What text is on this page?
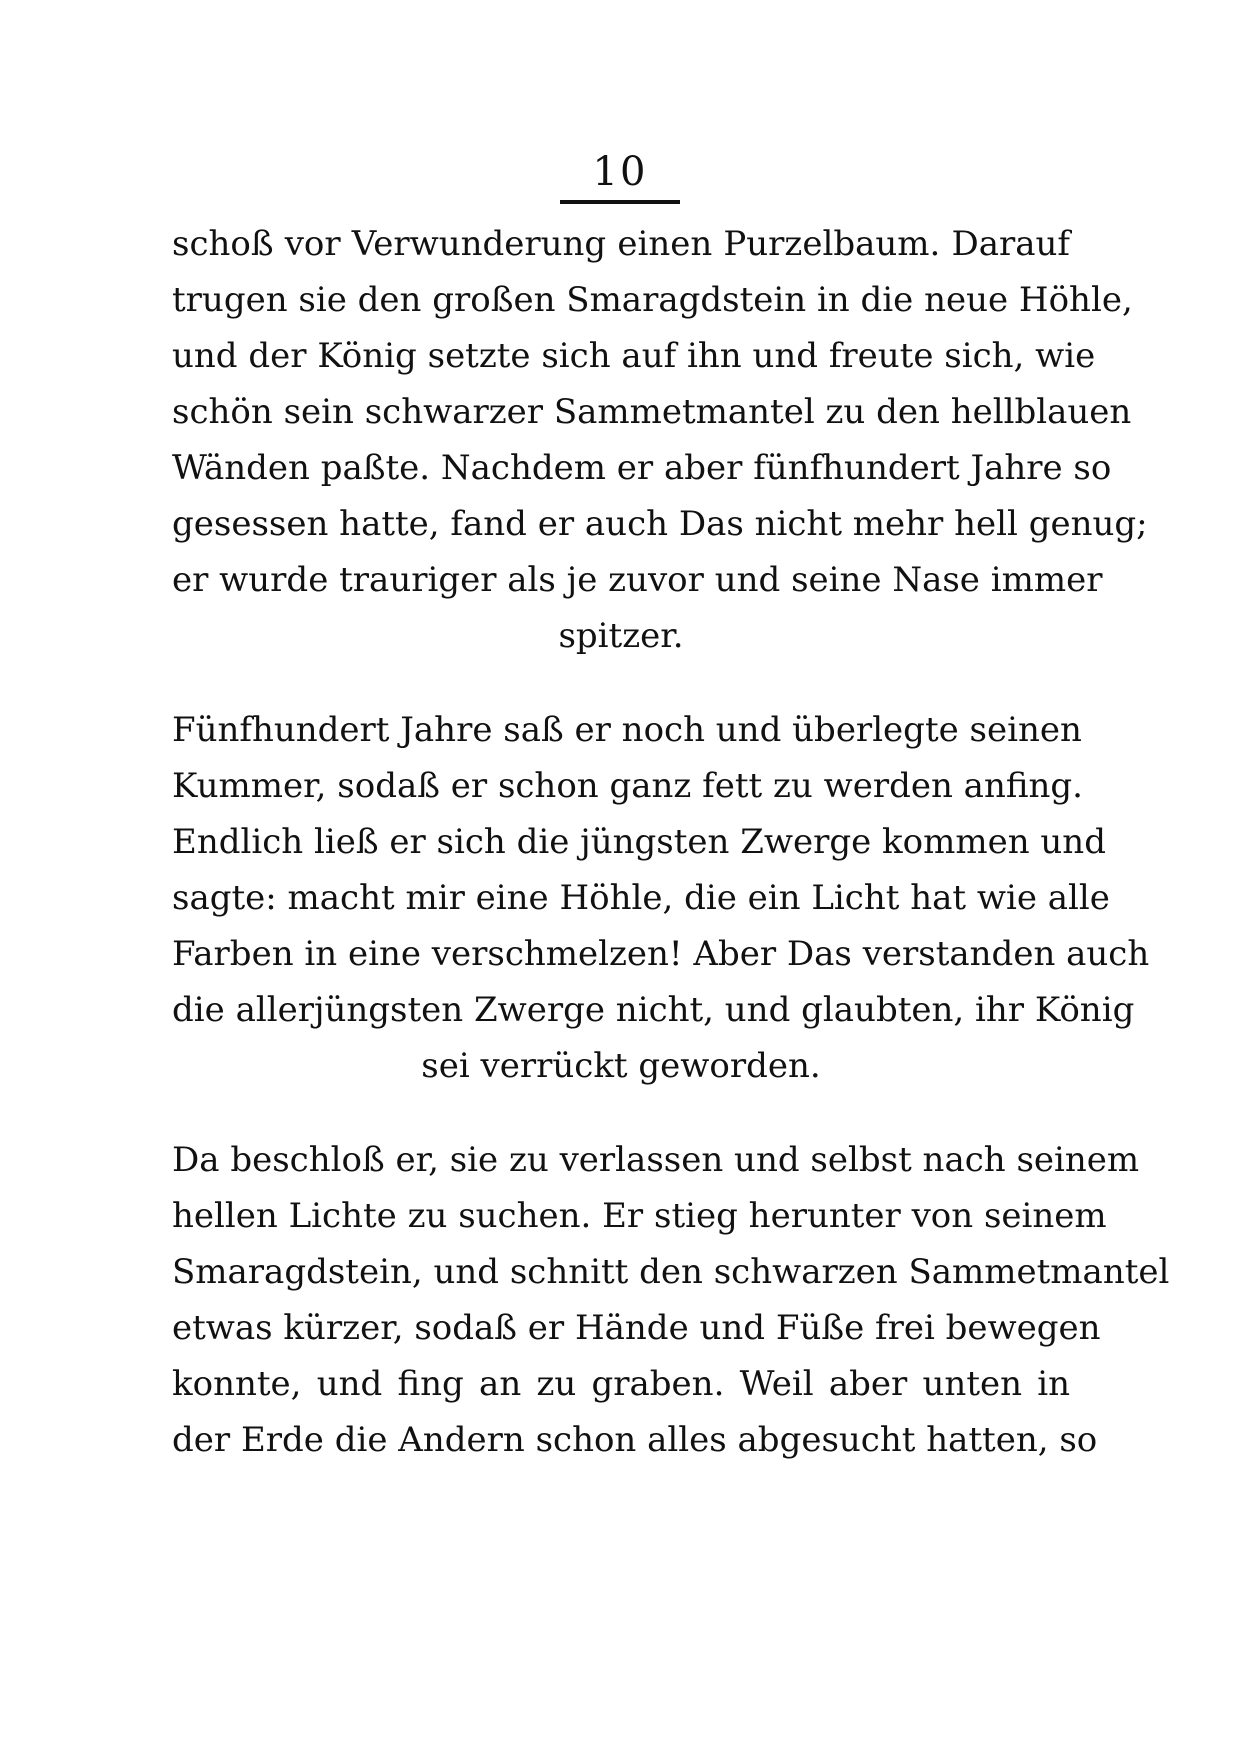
10
schoß vor Verwunderung einen Purzelbaum. Darauf
trugen sie den großen Smaragdstein in die neue Höhle,
und der König setzte sich auf ihn und freute sich, wie
schön sein schwarzer Sammetmantel zu den hellblauen
Wänden paßte. Nachdem er aber fünfhundert Jahre so
gesessen hatte, fand er auch Das nicht mehr hell genug;
er wurde trauriger als je zuvor und seine Nase immer
spitzer.
Fünfhundert Jahre saß er noch und überlegte seinen
Kummer, sodaß er schon ganz fett zu werden anfing.
Endlich ließ er sich die jüngsten Zwerge kommen und
sagte: macht mir eine Höhle, die ein Licht hat wie alle
Farben in eine verschmelzen! Aber Das verstanden auch
die allerjüngsten Zwerge nicht, und glaubten, ihr König
sei verrückt geworden.
Da beschloß er, sie zu verlassen und selbst nach seinem
hellen Lichte zu suchen. Er stieg herunter von seinem
Smaragdstein, und schnitt den schwarzen Sammetmantel
etwas kürzer, sodaß er Hände und Füße frei bewegen
konnte, und fing an zu graben. Weil aber unten in
der Erde die Andern schon alles abgesucht hatten, so
